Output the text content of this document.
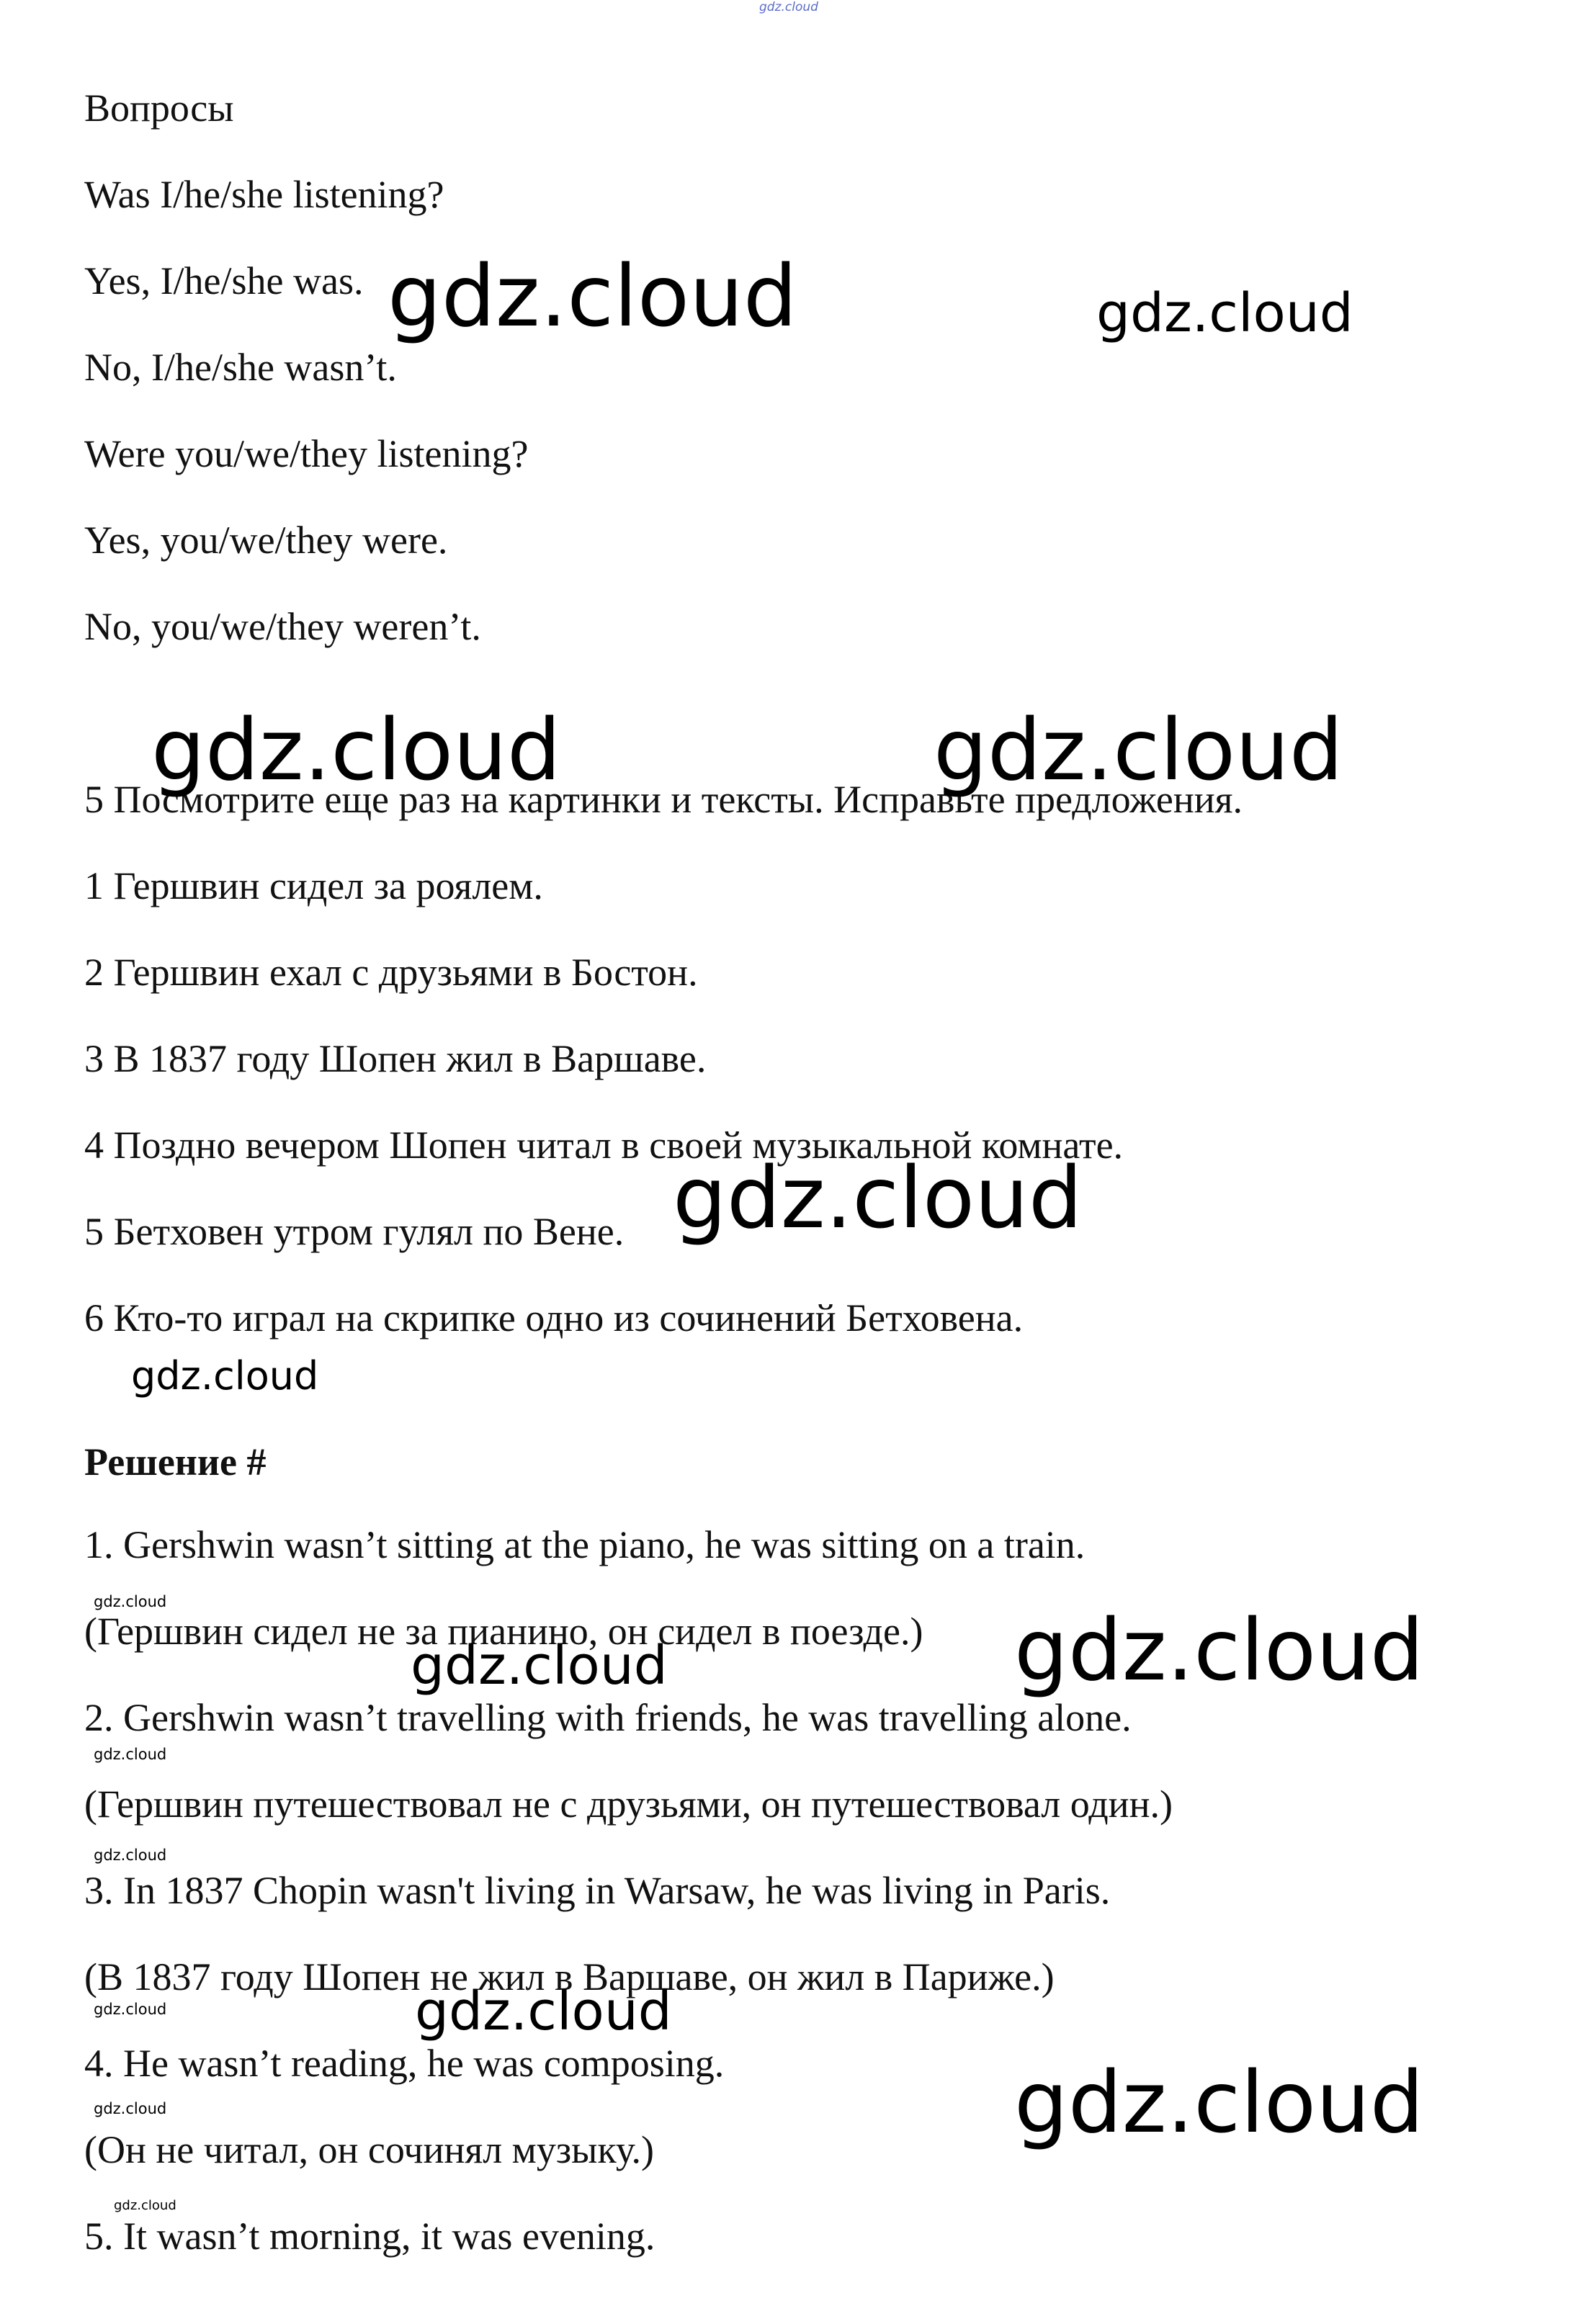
gdz.cloud

Вопросы

Was I/he/she listening?

Yes, I/he/she was.

No, I/he/she wasn’t.

Were you/we/they listening?

Yes, you/we/they were.

No, you/we/they weren’t.

5 Посмотрите еще раз на картинки и тексты. Исправьте предложения.

1 Гершвин сидел за роялем.

2 Гершвин ехал с друзьями в Бостон.

3 В 1837 году Шопен жил в Варшаве.

4 Поздно вечером Шопен читал в своей музыкальной комнате.

5 Бетховен утром гулял по Вене.

6 Кто-то играл на скрипке одно из сочинений Бетховена.

Решение #

1. Gershwin wasn’t sitting at the piano, he was sitting on a train.

(Гершвин сидел не за пианино, он сидел в поезде.)

2. Gershwin wasn’t travelling with friends, he was travelling alone.

(Гершвин путешествовал не с друзьями, он путешествовал один.)

3. In 1837 Chopin wasn't living in Warsaw, he was living in Paris.

(В 1837 году Шопен не жил в Варшаве, он жил в Париже.)

4. He wasn’t reading, he was composing.

(Он не читал, он сочинял музыку.)

5. It wasn’t morning, it was evening.

gdz.cloud	gdz.cloud
gdz.cloud	gdz.cloud
gdz.cloud
gdz.cloud
gdz.cloud
gdz.cloud
gdz.cloud
gdz.cloud
gdz.cloud
gdz.cloud
gdz.cloud
gdz.cloud
gdz.cloud
gdz.cloud
